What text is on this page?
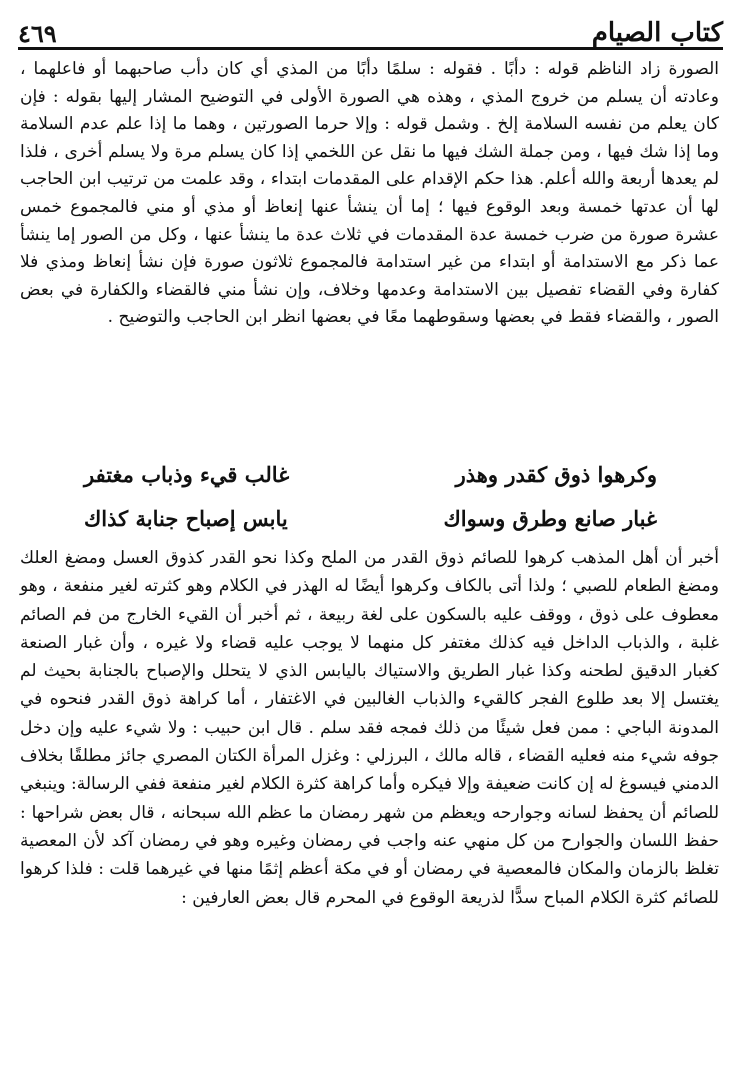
٤٦٩	كتاب الصيام

الصورة زاد الناظم قوله : دأبًا . فقوله : سلمًا دأبًا من المذي أي كان دأب صاحبهما أو فاعلهما ، وعادته أن يسلم من خروج المذي ، وهذه هي الصورة الأولى في التوضيح المشار إليها بقوله : فإن كان يعلم من نفسه السلامة إلخ . وشمل قوله : وإلا حرما الصورتين ، وهما ما إذا علم عدم السلامة وما إذا شك فيها ، ومن جملة الشك فيها ما نقل عن اللخمي إذا كان يسلم مرة ولا يسلم أخرى ، فلذا لم يعدها أربعة والله أعلم. هذا حكم الإقدام على المقدمات ابتداء ، وقد علمت من ترتيب ابن الحاجب لها أن عدتها خمسة وبعد الوقوع فيها ؛ إما أن ينشأ عنها إنعاظ أو مذي أو مني فالمجموع خمس عشرة صورة من ضرب خمسة عدة المقدمات في ثلاث عدة ما ينشأ عنها ، وكل من الصور إما ينشأ عما ذكر مع الاستدامة أو ابتداء من غير استدامة فالمجموع ثلاثون صورة فإن نشأ إنعاظ ومذي فلا كفارة وفي القضاء تفصيل بين الاستدامة وعدمها وخلاف، وإن نشأ مني فالقضاء والكفارة في بعض الصور ، والقضاء فقط في بعضها وسقوطهما معًا في بعضها انظر ابن الحاجب والتوضيح .

وكرهوا ذوق كقدر وهذر
غالب قيء وذباب مغتفر
غبار صانع وطرق وسواك
يابس إصباح جنابة كذاك

أخبر أن أهل المذهب كرهوا للصائم ذوق القدر من الملح وكذا نحو القدر كذوق العسل ومضغ العلك ومضغ الطعام للصبي ؛ ولذا أتى بالكاف وكرهوا أيضًا له الهذر في الكلام وهو كثرته لغير منفعة ، وهو معطوف على ذوق ، ووقف عليه بالسكون على لغة ربيعة ، ثم أخبر أن القيء الخارج من فم الصائم غلبة ، والذباب الداخل فيه كذلك مغتفر كل منهما لا يوجب عليه قضاء ولا غيره ، وأن غبار الصنعة كغبار الدقيق لطحنه وكذا غبار الطريق والاستياك باليابس الذي لا يتحلل والإصباح بالجنابة بحيث لم يغتسل إلا بعد طلوع الفجر كالقيء والذباب الغالبين في الاغتفار ، أما كراهة ذوق القدر فنحوه في المدونة الباجي : ممن فعل شيئًا من ذلك فمجه فقد سلم . قال ابن حبيب : ولا شيء عليه وإن دخل جوفه شيء منه فعليه القضاء ، قاله مالك ، البرزلي : وغزل المرأة الكتان المصري جائز مطلقًا بخلاف الدمني فيسوغ له إن كانت ضعيفة وإلا فيكره وأما كراهة كثرة الكلام لغير منفعة ففي الرسالة: وينبغي للصائم أن يحفظ لسانه وجوارحه ويعظم من شهر رمضان ما عظم الله سبحانه ، قال بعض شراحها : حفظ اللسان والجوارح من كل منهي عنه واجب في رمضان وغيره وهو في رمضان آكد لأن المعصية تغلظ بالزمان والمكان فالمعصية في رمضان أو في مكة أعظم إثمًا منها في غيرهما قلت : فلذا كرهوا للصائم كثرة الكلام المباح سدًّا لذريعة الوقوع في المحرم قال بعض العارفين :
